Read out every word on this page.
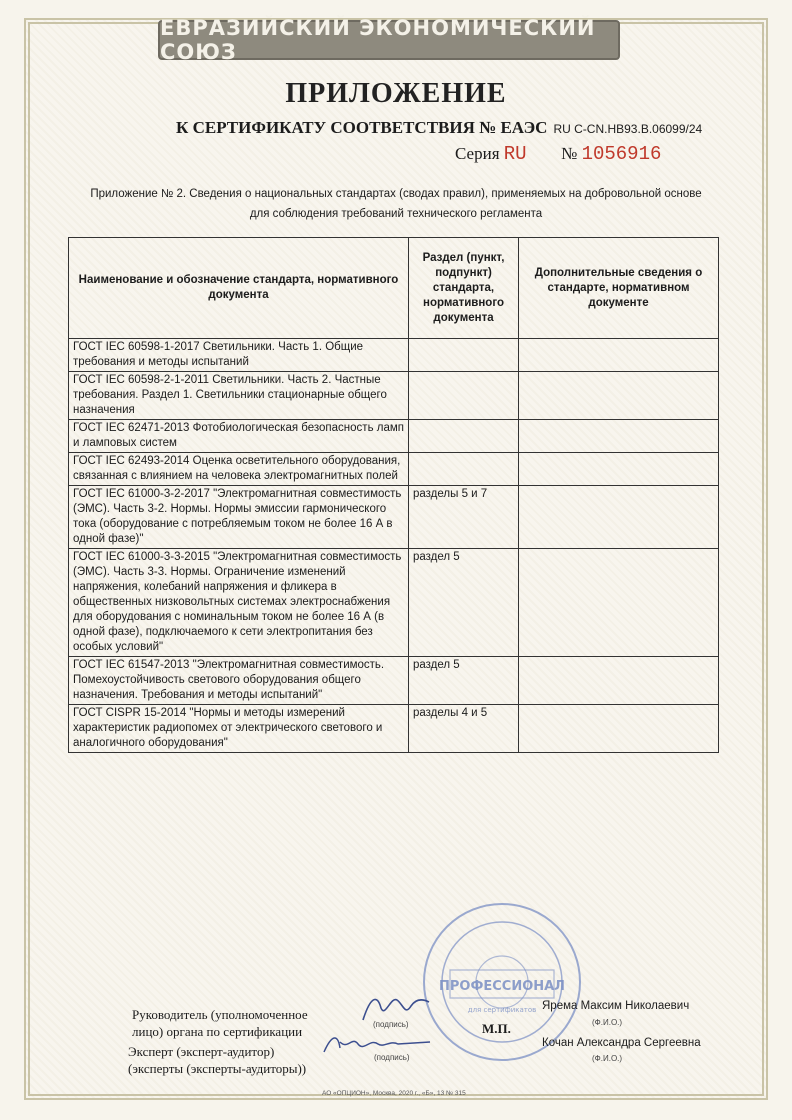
ЕВРАЗИЙСКИЙ ЭКОНОМИЧЕСКИЙ СОЮЗ
ПРИЛОЖЕНИЕ
К СЕРТИФИКАТУ СООТВЕТСТВИЯ № ЕАЭС RU C-CN.НВ93.В.06099/24
Серия RU № 1056916
Приложение № 2. Сведения о национальных стандартах (сводах правил), применяемых на добровольной основе
для соблюдения требований технического регламента
Наименование и обозначение стандарта, нормативного документа	Раздел (пункт, подпункт) стандарта, нормативного документа	Дополнительные сведения о стандарте, нормативном документе
ГОСТ IEC 60598-1-2017 Светильники. Часть 1. Общие требования и методы испытаний		
ГОСТ IEC 60598-2-1-2011 Светильники. Часть 2. Частные требования. Раздел 1. Светильники стационарные общего назначения		
ГОСТ IEC 62471-2013 Фотобиологическая безопасность ламп и ламповых систем		
ГОСТ IEC 62493-2014 Оценка осветительного оборудования, связанная с влиянием на человека электромагнитных полей		
ГОСТ IEC 61000-3-2-2017 "Электромагнитная совместимость (ЭМС). Часть 3-2. Нормы. Нормы эмиссии гармонического тока (оборудование с потребляемым током не более 16 А в одной фазе)"	разделы 5 и 7	
ГОСТ IEC 61000-3-3-2015 "Электромагнитная совместимость (ЭМС). Часть 3-3. Нормы. Ограничение изменений напряжения, колебаний напряжения и фликера в общественных низковольтных системах электроснабжения для оборудования с номинальным током не более 16 А (в одной фазе), подключаемого к сети электропитания без особых условий"	раздел 5	
ГОСТ IEC 61547-2013 "Электромагнитная совместимость. Помехоустойчивость светового оборудования общего назначения. Требования и методы испытаний"	раздел 5	
ГОСТ CISPR 15-2014 "Нормы и методы измерений характеристик радиопомех от электрического светового и аналогичного оборудования"	разделы 4 и 5	
ПРОФЕССИОНАЛ
для сертификатов
Руководитель (уполномоченное
лицо) органа по сертификации	(подпись)	М.П.
Ярема Максим Николаевич
(Ф.И.О.)
Эксперт (эксперт-аудитор)
(эксперты (эксперты-аудиторы))
(подпись)
Кочан Александра Сергеевна
(Ф.И.О.)
АО «ОПЦИОН», Москва, 2020 г., «Б», 13 № 315
